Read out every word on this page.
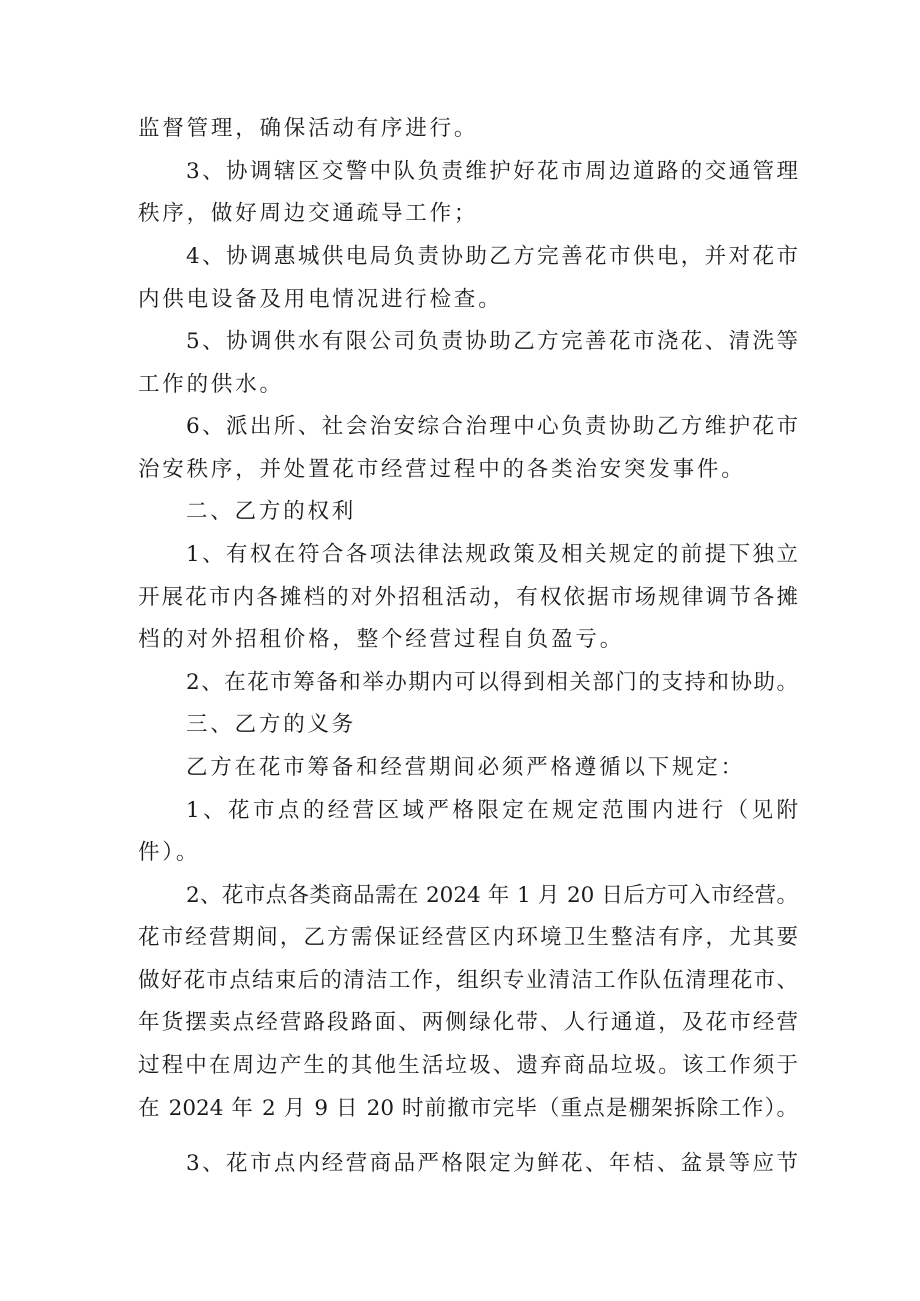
监督管理，确保活动有序进行。

3、协调辖区交警中队负责维护好花市周边道路的交通管理

秩序，做好周边交通疏导工作；

4、协调惠城供电局负责协助乙方完善花市供电，并对花市

内供电设备及用电情况进行检查。

5、协调供水有限公司负责协助乙方完善花市浇花、清洗等

工作的供水。

6、派出所、社会治安综合治理中心负责协助乙方维护花市

治安秩序，并处置花市经营过程中的各类治安突发事件。

二、乙方的权利

1、有权在符合各项法律法规政策及相关规定的前提下独立

开展花市内各摊档的对外招租活动，有权依据市场规律调节各摊

档的对外招租价格，整个经营过程自负盈亏。

2、在花市筹备和举办期内可以得到相关部门的支持和协助。

三、乙方的义务

乙方在花市筹备和经营期间必须严格遵循以下规定：

1、花市点的经营区域严格限定在规定范围内进行（见附

件）。

2、花市点各类商品需在 2024 年 1 月 20 日后方可入市经营。

花市经营期间，乙方需保证经营区内环境卫生整洁有序，尤其要

做好花市点结束后的清洁工作，组织专业清洁工作队伍清理花市、

年货摆卖点经营路段路面、两侧绿化带、人行通道，及花市经营

过程中在周边产生的其他生活垃圾、遗弃商品垃圾。该工作须于

在 2024 年 2 月 9 日 20 时前撤市完毕（重点是棚架拆除工作）。

3、花市点内经营商品严格限定为鲜花、年桔、盆景等应节
